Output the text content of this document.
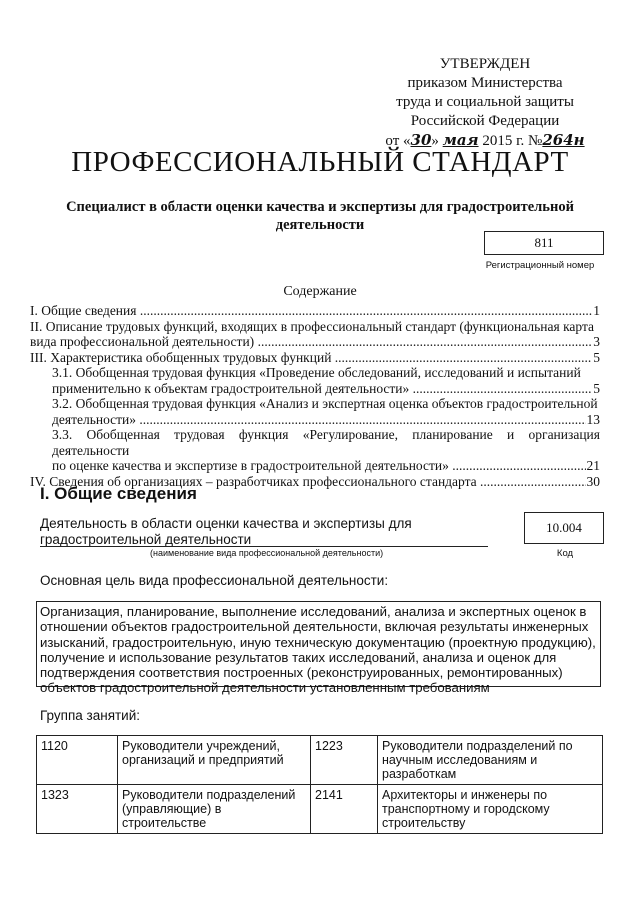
УТВЕРЖДЕН
приказом Министерства
труда и социальной защиты
Российской Федерации
от «30» мая 2015 г. №264н
ПРОФЕССИОНАЛЬНЫЙ СТАНДАРТ
Специалист в области оценки качества и экспертизы для градостроительной деятельности
811
Регистрационный номер
Содержание
I. Общие сведения .....	1
II. Описание трудовых функций, входящих в профессиональный стандарт (функциональная карта
вида профессиональной деятельности) .....	3
III. Характеристика обобщенных трудовых функций .....	5
3.1. Обобщенная трудовая функция «Проведение обследований, исследований и испытаний
применительно к объектам градостроительной деятельности» .....	5
3.2. Обобщенная трудовая функция «Анализ и экспертная оценка объектов градостроительной
деятельности» .....	13
3.3. Обобщенная трудовая функция «Регулирование, планирование и организация деятельности
по оценке качества и экспертизе в градостроительной деятельности» .....	21
IV. Сведения об организациях – разработчиках профессионального стандарта .....	30
I. Общие сведения
Деятельность в области оценки качества и экспертизы для градостроительной деятельности
(наименование вида профессиональной деятельности)
10.004
Код
Основная цель вида профессиональной деятельности:
Организация, планирование, выполнение исследований, анализа и экспертных оценок в отношении объектов градостроительной деятельности, включая результаты инженерных изысканий, градостроительную, иную техническую документацию (проектную продукцию), получение и использование результатов таких исследований, анализа и оценок для подтверждения соответствия построенных (реконструированных, ремонтированных) объектов градостроительной деятельности установленным требованиям
Группа занятий:
1120	Руководители учреждений, организаций и предприятий	1223	Руководители подразделений по научным исследованиям и разработкам
1323	Руководители подразделений (управляющие) в строительстве	2141	Архитекторы и инженеры по транспортному и городскому строительству
